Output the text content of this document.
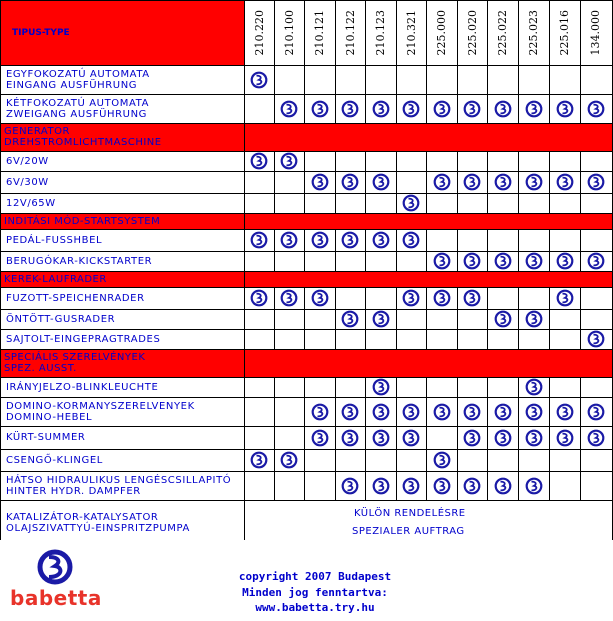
TIPUS-TYPE	210.220 210.100 210.121 210.122 210.123 210.321 225.000 225.020 225.022 225.023 225.016 134.000
EGYFOKOZATÚ AUTOMATA
EINGANG AUSFÜHRUNG
KÉTFOKOZATÚ AUTOMATA
ZWEIGANG AUSFÜHRUNG
GENERATOR
DREHSTROMLICHTMASCHINE
6V/20W
6V/30W
12V/65W
INDITÁSI MÓD-STARTSYSTEM
PEDÁL-FUSSHBEL
BERUGÓKAR-KICKSTARTER
KEREK-LAUFRADER
FUZOTT-SPEICHENRADER
ÖNTÖTT-GUSRADER
SAJTOLT-EINGEPRAGTRADES
SPECIÁLIS SZERELVÉNYEK
SPEZ. AUSST.
IRÁNYJELZO-BLINKLEUCHTE
DOMINO-KORMANYSZERELVENYEK
DOMINO-HEBEL
KÜRT-SUMMER
CSENGŐ-KLINGEL
HÁTSO HIDRAULIKUS LENGÉSCSILLAPITÓ
HINTER HYDR. DAMPFER
KATALIZÁTOR-KATALYSATOR
OLAJSZIVATTYÚ-EINSPRITZPUMPA
KÜLÖN RENDELÉSRE
SPEZIALER AUFTRAG
babetta
copyright 2007 Budapest
Minden jog fenntartva:
www.babetta.try.hu
